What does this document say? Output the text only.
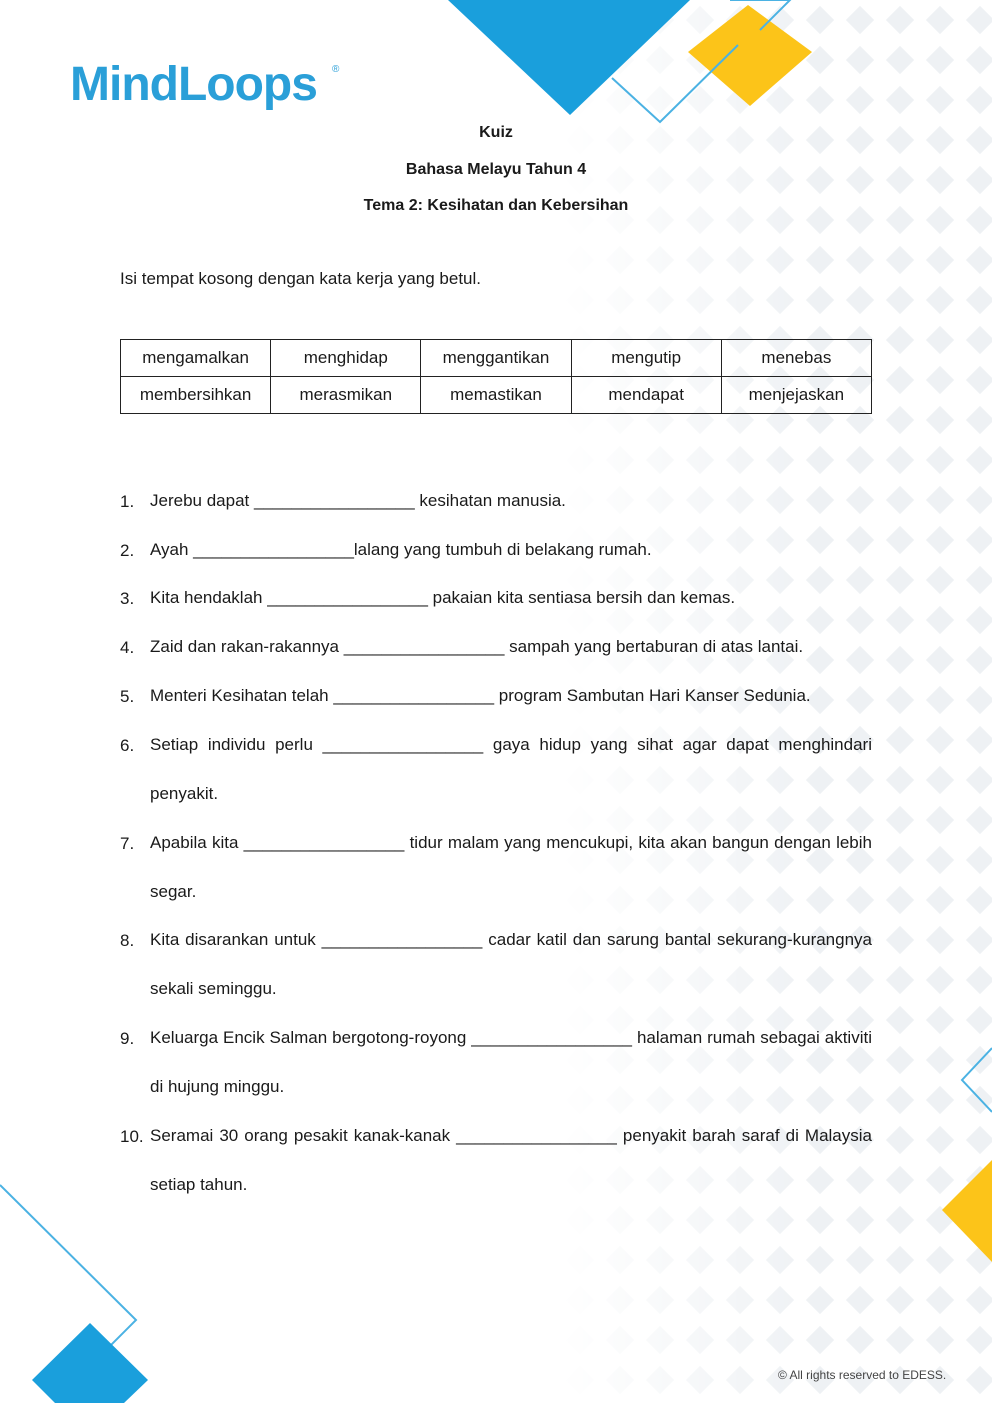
MindLoops ®
Kuiz
Bahasa Melayu Tahun 4
Tema 2: Kesihatan dan Kebersihan
Isi tempat kosong dengan kata kerja yang betul.
mengamalkan	menghidap	menggantikan	mengutip	menebas
membersihkan	merasmikan	memastikan	mendapat	menjejaskan
1. Jerebu dapat _________________ kesihatan manusia.
2. Ayah _________________lalang yang tumbuh di belakang rumah.
3. Kita hendaklah _________________ pakaian kita sentiasa bersih dan kemas.
4. Zaid dan rakan-rakannya _________________ sampah yang bertaburan di atas lantai.
5. Menteri Kesihatan telah _________________ program Sambutan Hari Kanser Sedunia.
6. Setiap individu perlu _________________ gaya hidup yang sihat agar dapat menghindari penyakit.
7. Apabila kita _________________ tidur malam yang mencukupi, kita akan bangun dengan lebih segar.
8. Kita disarankan untuk _________________ cadar katil dan sarung bantal sekurang-kurangnya sekali seminggu.
9. Keluarga Encik Salman bergotong-royong _________________ halaman rumah sebagai aktiviti di hujung minggu.
10. Seramai 30 orang pesakit kanak-kanak _________________ penyakit barah saraf di Malaysia setiap tahun.
© All rights reserved to EDESS.
